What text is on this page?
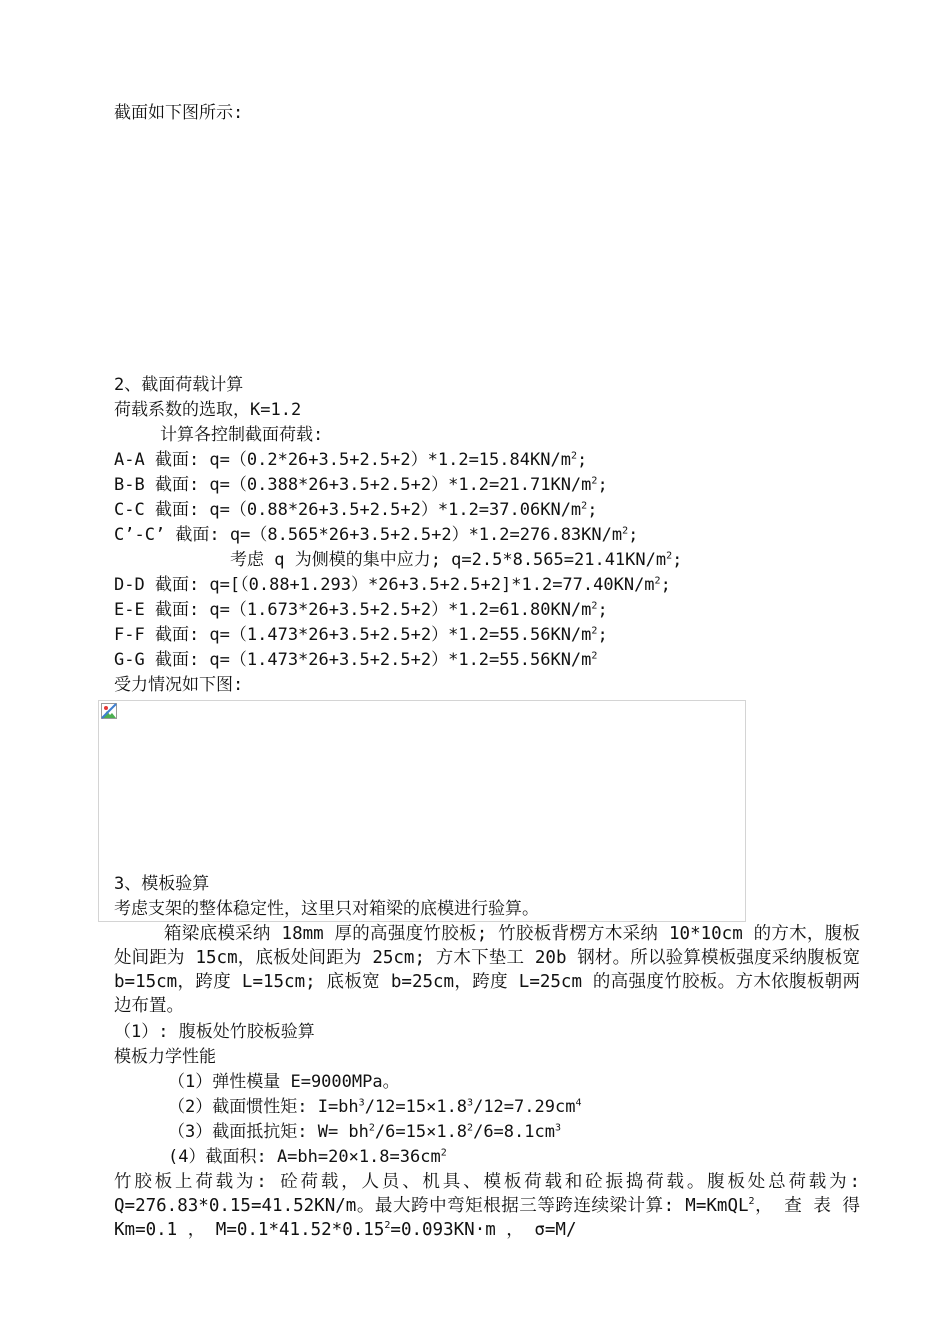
截面如下图所示:
2、截面荷载计算
荷载系数的选取，K=1.2
计算各控制截面荷载:
A-A 截面: $q=(0.2*26+3.5+2.5+2)*1.2=15.84KN/m^2$;
B-B 截面: $q=(0.388*26+3.5+2.5+2)*1.2=21.71KN/m^2$;
C-C 截面: $q=(0.88*26+3.5+2.5+2)*1.2=37.06KN/m^2$;
C’-C’ 截面: $q=(8.565*26+3.5+2.5+2)*1.2=276.83KN/m^2$;
考虑 q 为侧模的集中应力; $q=2.5*8.565=21.41KN/m^2$;
D-D 截面: $q=[(0.88+1.293)*26+3.5+2.5+2]*1.2=77.40KN/m^2$;
E-E 截面: $q=(1.673*26+3.5+2.5+2)*1.2=61.80KN/m^2$;
F-F 截面: $q=(1.473*26+3.5+2.5+2)*1.2=55.56KN/m^2$;
G-G 截面: $q=(1.473*26+3.5+2.5+2)*1.2=55.56KN/m^2$
受力情况如下图:
3、模板验算
考虑支架的整体稳定性，这里只对箱梁的底模进行验算。
箱梁底模采纳 18mm 厚的高强度竹胶板; 竹胶板背楞方木采纳 10*10cm 的方木，腹板处间距为 15cm，底板处间距为 25cm; 方木下垫工 20b 钢材。所以验算模板强度采纳腹板宽 b=15cm，跨度 L=15cm; 底板宽 b=25cm，跨度 L=25cm 的高强度竹胶板。方木依腹板朝两边布置。
（1）: 腹板处竹胶板验算
模板力学性能
（1）弹性模量 E=9000MPa。
（2）截面惯性矩: $I=bh^3/12=15\times 1.8^3/12=7.29cm^4$
（3）截面抵抗矩: $W= bh^2/6=15\times 1.8^2/6=8.1cm^3$
(4）截面积: $A=bh=20\times 1.8=36cm^2$
竹胶板上荷载为: 砼荷载，人员、机具、模板荷载和砼振捣荷载。腹板处总荷载为: Q=276.83*0.15=41.52KN/m。最大跨中弯矩根据三等跨连续梁计算: M=KmQL$^2$， 查 表 得 Km=0.1 ， $M=0.1*41.52*0.15^2=0.093KN\cdot m$ ， σ=M/
